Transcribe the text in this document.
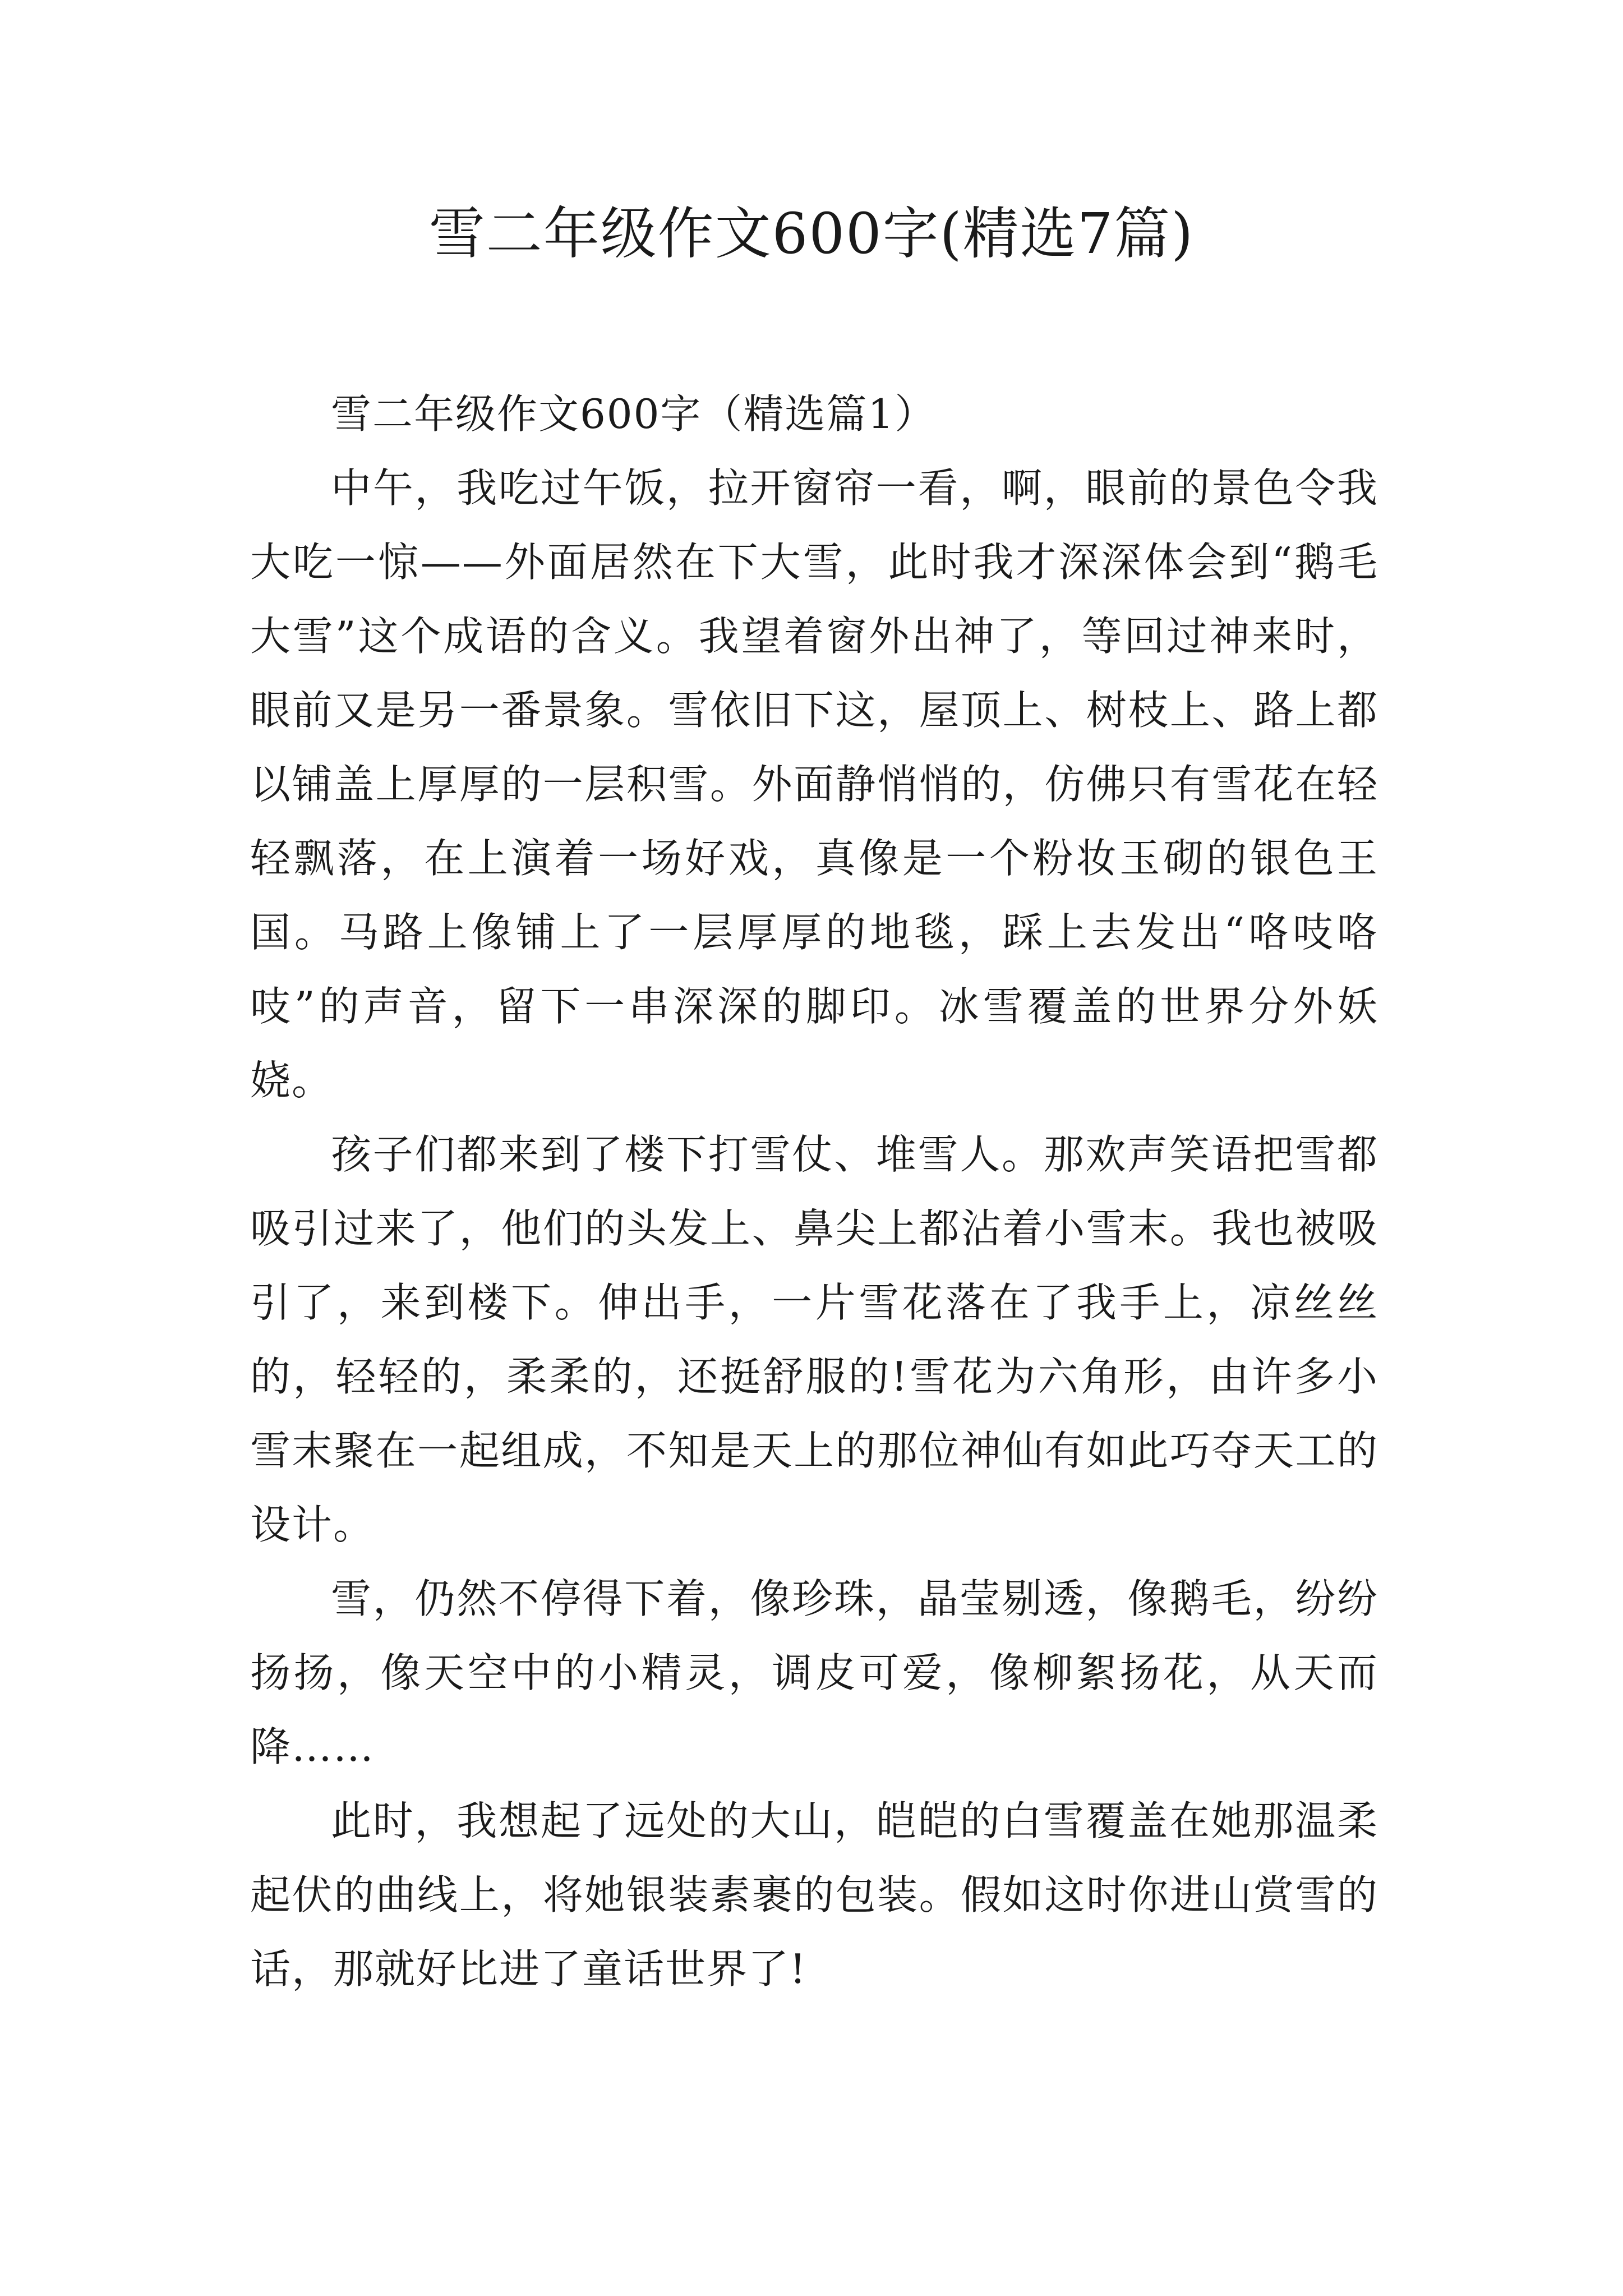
雪二年级作文600字(精选7篇)

雪二年级作文600字（精选篇1）

中午，我吃过午饭，拉开窗帘一看，啊，眼前的景色令我大吃一惊——外面居然在下大雪，此时我才深深体会到“鹅毛大雪”这个成语的含义。我望着窗外出神了，等回过神来时，眼前又是另一番景象。雪依旧下这，屋顶上、树枝上、路上都以铺盖上厚厚的一层积雪。外面静悄悄的，仿佛只有雪花在轻轻飘落，在上演着一场好戏，真像是一个粉妆玉砌的银色王国。马路上像铺上了一层厚厚的地毯，踩上去发出“咯吱咯吱”的声音，留下一串深深的脚印。冰雪覆盖的世界分外妖娆。

孩子们都来到了楼下打雪仗、堆雪人。那欢声笑语把雪都吸引过来了，他们的头发上、鼻尖上都沾着小雪末。我也被吸引了，来到楼下。伸出手，一片雪花落在了我手上，凉丝丝的，轻轻的，柔柔的，还挺舒服的!雪花为六角形，由许多小雪末聚在一起组成，不知是天上的那位神仙有如此巧夺天工的设计。

雪，仍然不停得下着，像珍珠，晶莹剔透，像鹅毛，纷纷扬扬，像天空中的小精灵，调皮可爱，像柳絮扬花，从天而降……

此时，我想起了远处的大山，皑皑的白雪覆盖在她那温柔起伏的曲线上，将她银装素裹的包装。假如这时你进山赏雪的话，那就好比进了童话世界了!
